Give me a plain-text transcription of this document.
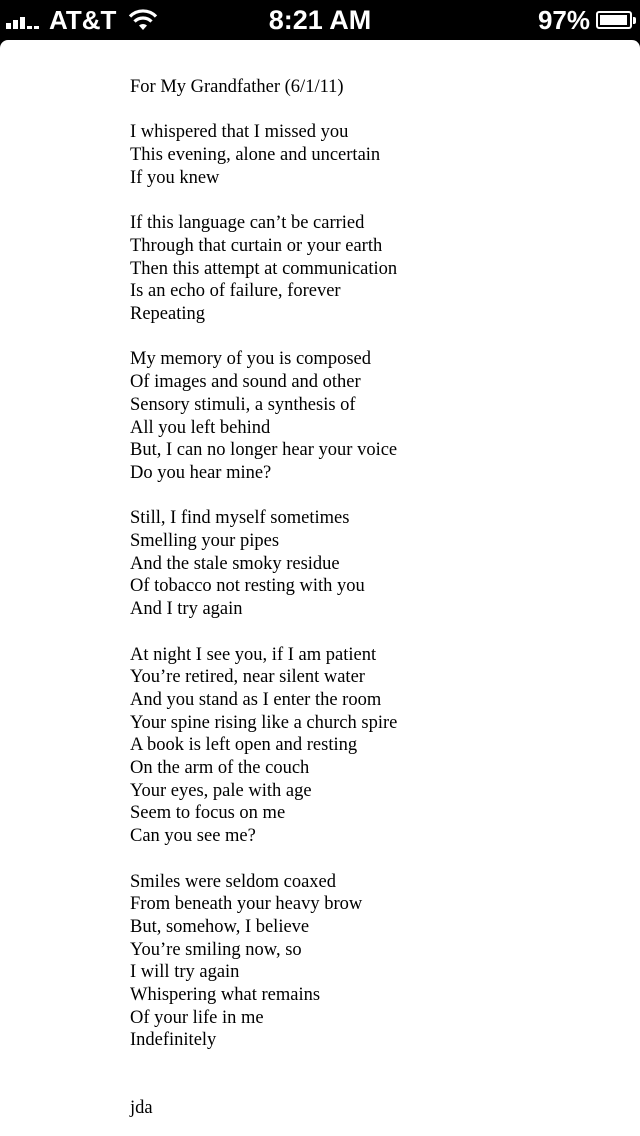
AT&T	8:21 AM	97%
For My Grandfather (6/1/11)
I whispered that I missed you
This evening, alone and uncertain
If you knew
If this language can’t be carried
Through that curtain or your earth
Then this attempt at communication
Is an echo of failure, forever
Repeating
My memory of you is composed
Of images and sound and other
Sensory stimuli, a synthesis of
All you left behind
But, I can no longer hear your voice
Do you hear mine?
Still, I find myself sometimes
Smelling your pipes
And the stale smoky residue
Of tobacco not resting with you
And I try again
At night I see you, if I am patient
You’re retired, near silent water
And you stand as I enter the room
Your spine rising like a church spire
A book is left open and resting
On the arm of the couch
Your eyes, pale with age
Seem to focus on me
Can you see me?
Smiles were seldom coaxed
From beneath your heavy brow
But, somehow, I believe
You’re smiling now, so
I will try again
Whispering what remains
Of your life in me
Indefinitely
jda
